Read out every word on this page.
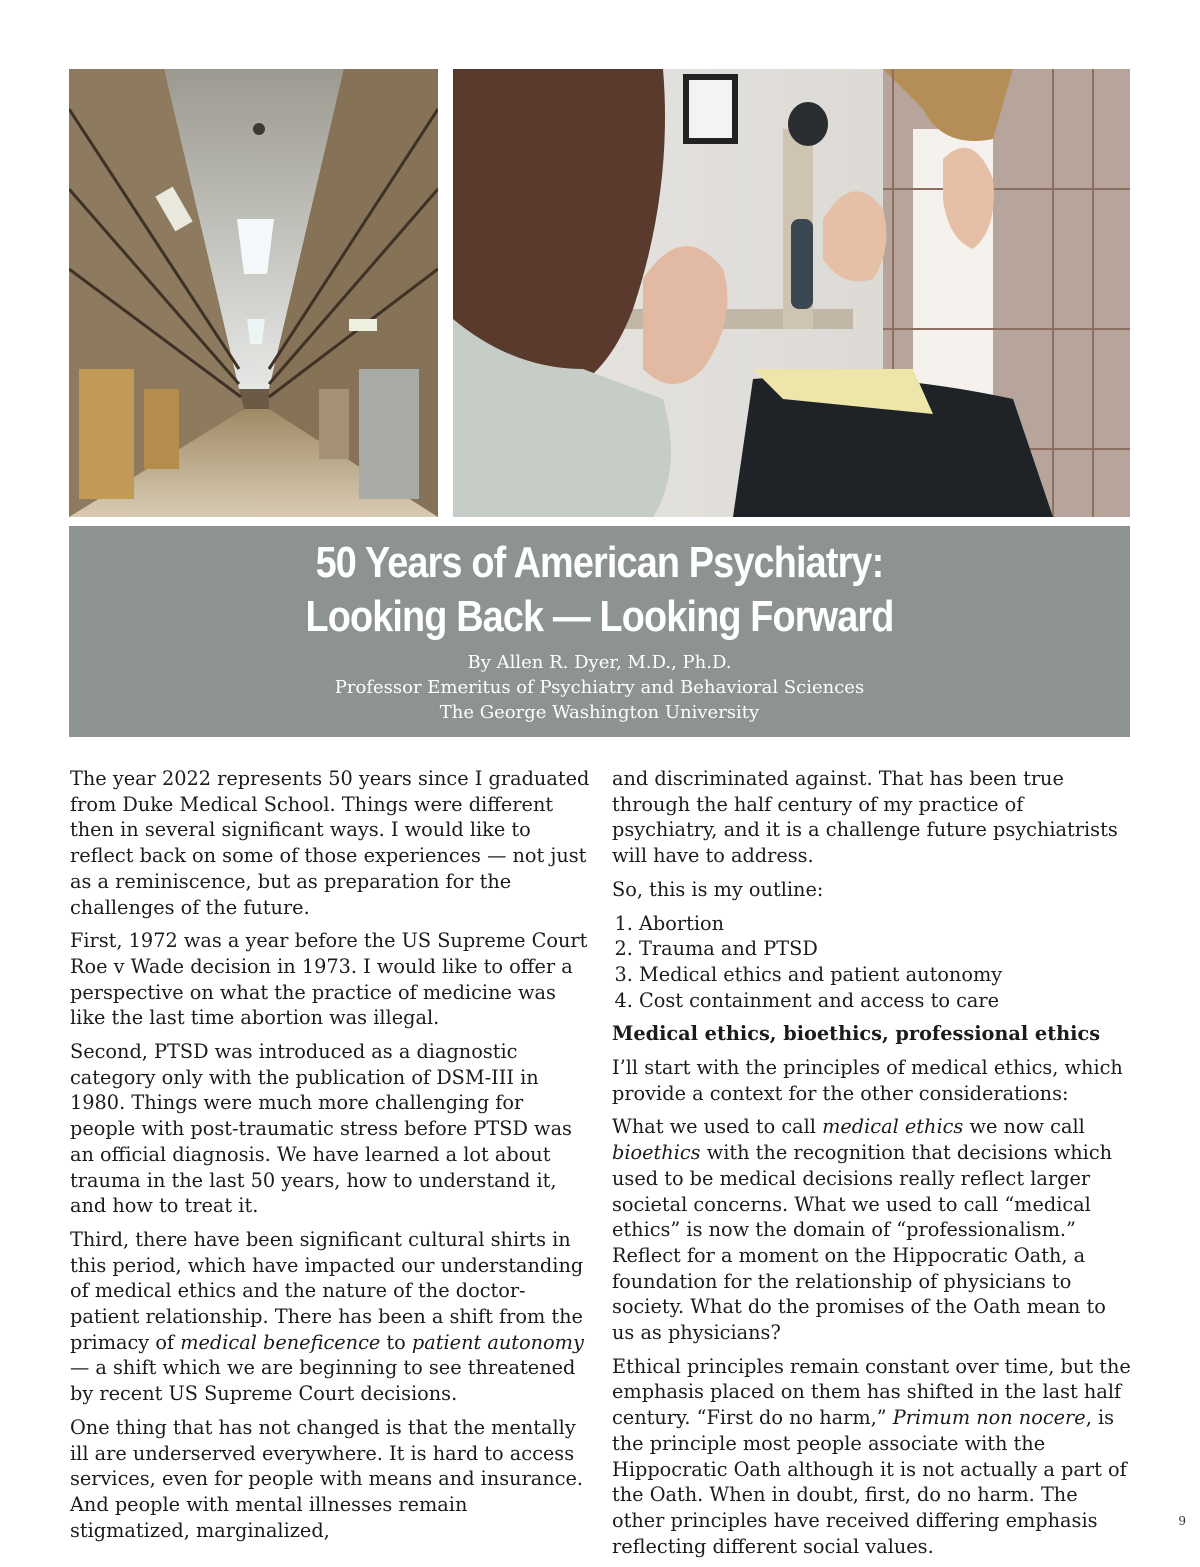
50 Years of American Psychiatry:
Looking Back — Looking Forward
By Allen R. Dyer, M.D., Ph.D.
Professor Emeritus of Psychiatry and Behavioral Sciences
The George Washington University

The year 2022 represents 50 years since I graduated from Duke Medical School. Things were different then in several significant ways. I would like to reflect back on some of those experiences — not just as a reminiscence, but as preparation for the challenges of the future.

First, 1972 was a year before the US Supreme Court Roe v Wade decision in 1973. I would like to offer a perspective on what the practice of medicine was like the last time abortion was illegal.

Second, PTSD was introduced as a diagnostic category only with the publication of DSM-III in 1980. Things were much more challenging for people with post-traumatic stress before PTSD was an official diagnosis. We have learned a lot about trauma in the last 50 years, how to understand it, and how to treat it.

Third, there have been significant cultural shirts in this period, which have impacted our understanding of medical ethics and the nature of the doctor-patient relationship. There has been a shift from the primacy of medical beneficence to patient autonomy — a shift which we are beginning to see threatened by recent US Supreme Court decisions.

One thing that has not changed is that the mentally ill are underserved everywhere. It is hard to access services, even for people with means and insurance. And people with mental illnesses remain stigmatized, marginalized,

and discriminated against. That has been true through the half century of my practice of psychiatry, and it is a challenge future psychiatrists will have to address.

So, this is my outline:

1. Abortion
2. Trauma and PTSD
3. Medical ethics and patient autonomy
4. Cost containment and access to care
Medical ethics, bioethics, professional ethics

I’ll start with the principles of medical ethics, which provide a context for the other considerations:

What we used to call medical ethics we now call bioethics with the recognition that decisions which used to be medical decisions really reflect larger societal concerns. What we used to call “medical ethics” is now the domain of “professionalism.” Reflect for a moment on the Hippocratic Oath, a foundation for the relationship of physicians to society. What do the promises of the Oath mean to us as physicians?

Ethical principles remain constant over time, but the emphasis placed on them has shifted in the last half century. “First do no harm,” Primum non nocere, is the principle most people associate with the Hippocratic Oath although it is not actually a part of the Oath. When in doubt, first, do no harm. The other principles have received differing emphasis reflecting different social values.

9
